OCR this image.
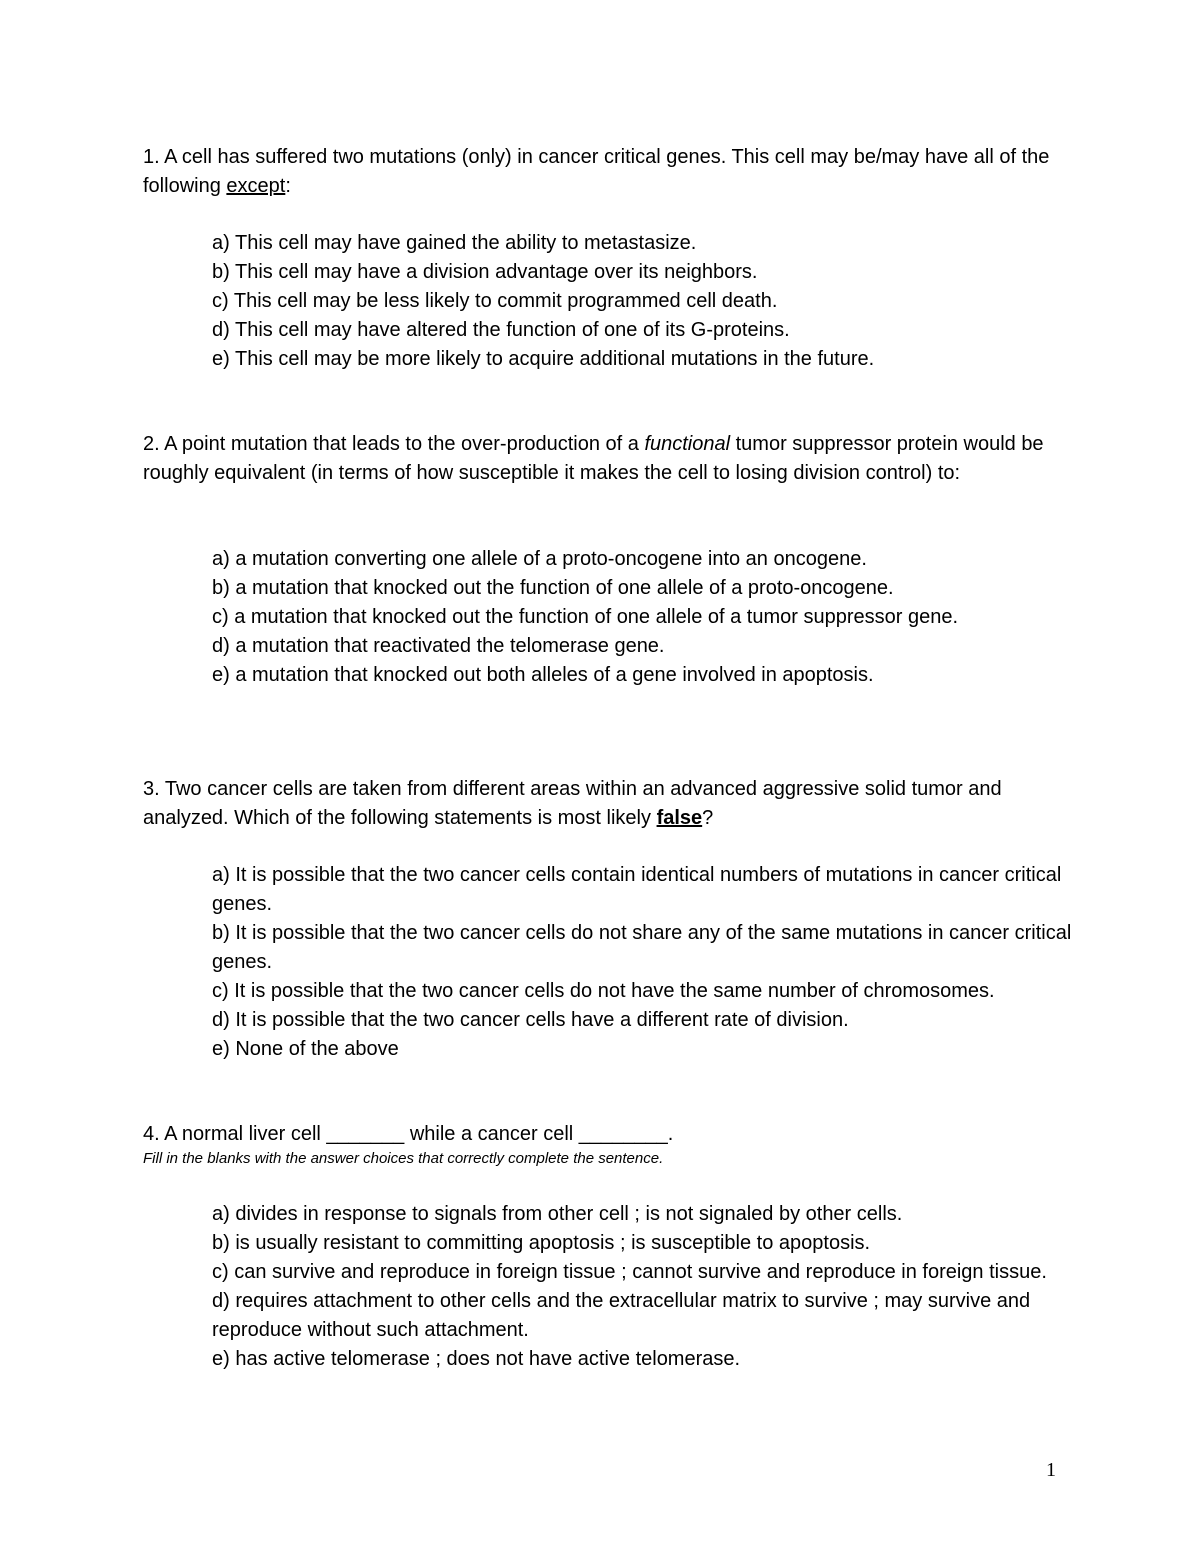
1. A cell has suffered two mutations (only) in cancer critical genes. This cell may be/may have all of the following except:

a) This cell may have gained the ability to metastasize.
b) This cell may have a division advantage over its neighbors.
c) This cell may be less likely to commit programmed cell death.
d) This cell may have altered the function of one of its G-proteins.
e) This cell may be more likely to acquire additional mutations in the future.

2. A point mutation that leads to the over-production of a functional tumor suppressor protein would be roughly equivalent (in terms of how susceptible it makes the cell to losing division control) to:

a) a mutation converting one allele of a proto-oncogene into an oncogene.
b) a mutation that knocked out the function of one allele of a proto-oncogene.
c) a mutation that knocked out the function of one allele of a tumor suppressor gene.
d) a mutation that reactivated the telomerase gene.
e) a mutation that knocked out both alleles of a gene involved in apoptosis.

3. Two cancer cells are taken from different areas within an advanced aggressive solid tumor and analyzed. Which of the following statements is most likely false?

a) It is possible that the two cancer cells contain identical numbers of mutations in cancer critical genes.
b) It is possible that the two cancer cells do not share any of the same mutations in cancer critical genes.
c) It is possible that the two cancer cells do not have the same number of chromosomes.
d) It is possible that the two cancer cells have a different rate of division.
e) None of the above

4. A normal liver cell _______ while a cancer cell ________.

Fill in the blanks with the answer choices that correctly complete the sentence.

a) divides in response to signals from other cell ; is not signaled by other cells.
b) is usually resistant to committing apoptosis ; is susceptible to apoptosis.
c) can survive and reproduce in foreign tissue ; cannot survive and reproduce in foreign tissue.
d) requires attachment to other cells and the extracellular matrix to survive ; may survive and reproduce without such attachment.
e) has active telomerase ; does not have active telomerase.
1
